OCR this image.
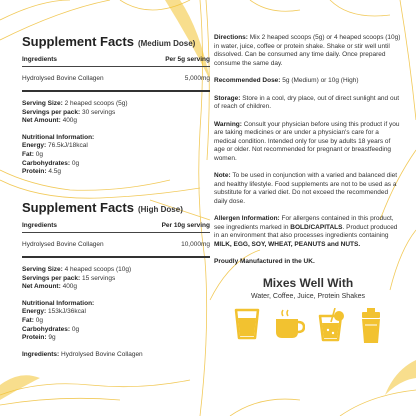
Supplement Facts (Medium Dose)
Ingredients	Per 5g serving
Hydrolysed Bovine Collagen	5,000mg
Serving Size: 2 heaped scoops (5g)
Servings per pack: 30 servings
Net Amount: 400g
Nutritional Information:
Energy: 76.5kJ/18kcal
Fat: 0g
Carbohydrates: 0g
Protein: 4.5g
Supplement Facts (High Dose)
Ingredients	Per 10g serving
Hydrolysed Bovine Collagen	10,000mg
Serving Size: 4 heaped scoops (10g)
Servings per pack: 15 servings
Net Amount: 400g
Nutritional Information:
Energy: 153kJ/36kcal
Fat: 0g
Carbohydrates: 0g
Protein: 9g
Ingredients: Hydrolysed Bovine Collagen
Directions: Mix 2 heaped scoops (5g) or 4 heaped scoops (10g) in water, juice, coffee or protein shake. Shake or stir well until dissolved. Can be consumed any time daily. Once prepared consume the same day.
Recommended Dose: 5g (Medium) or 10g (High)
Storage: Store in a cool, dry place, out of direct sunlight and out of reach of children.
Warning: Consult your physician before using this product if you are taking medicines or are under a physician's care for a medical condition. Intended only for use by adults 18 years of age or older. Not recommended for pregnant or breastfeeding women.
Note: To be used in conjunction with a varied and balanced diet and healthy lifestyle. Food supplements are not to be used as a substitute for a varied diet. Do not exceed the recommended daily dose.
Allergen Information: For allergens contained in this product, see ingredients marked in BOLD/CAPITALS. Product produced in an environment that also processes ingredients containing MILK, EGG, SOY, WHEAT, PEANUTS and NUTS.
Proudly Manufactured in the UK.
Mixes Well With
Water, Coffee, Juice, Protein Shakes
